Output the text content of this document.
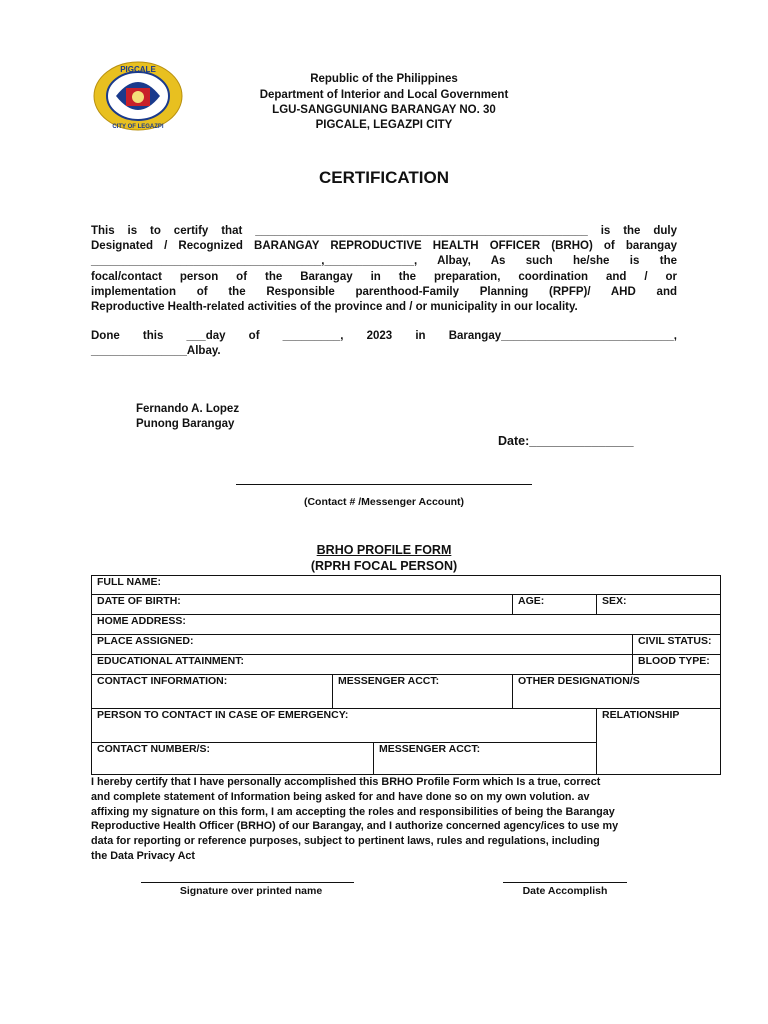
PIGCALE
CITY OF LEGAZPI
Republic of the Philippines
Department of Interior and Local Government
LGU-SANGGUNIANG BARANGAY NO. 30
PIGCALE, LEGAZPI CITY
CERTIFICATION
This is to certify that ____________________________________________________ is the duly
Designated / Recognized BARANGAY REPRODUCTIVE HEALTH OFFICER (BRHO) of barangay
____________________________________,______________, Albay, As such he/she is the
focal/contact person of the Barangay in the preparation, coordination and / or
implementation of the Responsible parenthood-Family Planning (RPFP)/ AHD and
Reproductive Health-related activities of the province and / or municipality in our locality.
Done this ___day of _________, 2023 in Barangay___________________________,
_______________Albay.
Fernando A. Lopez
Punong Barangay
Date:_______________
(Contact # /Messenger Account)
BRHO PROFILE FORM
(RPRH FOCAL PERSON)
FULL NAME:					
DATE OF BIRTH:			AGE:	SEX:	
HOME ADDRESS:					
PLACE ASSIGNED:					CIVIL STATUS:
EDUCATIONAL ATTAINMENT:					BLOOD TYPE:
CONTACT INFORMATION:	MESSENGER ACCT:		OTHER DESIGNATION/S		
PERSON TO CONTACT IN CASE OF EMERGENCY:				RELATIONSHIP	
CONTACT NUMBER/S:		MESSENGER ACCT:			
I hereby certify that I have personally accomplished this BRHO Profile Form which Is a true, correct
and complete statement of Information being asked for and have done so on my own volution. av
affixing my signature on this form, I am accepting the roles and responsibilities of being the Barangay
Reproductive Health Officer (BRHO) of our Barangay, and I authorize concerned agency/ices to use my
data for reporting or reference purposes, subject to pertinent laws, rules and regulations, including
the Data Privacy Act
Signature over printed name	Date Accomplish
